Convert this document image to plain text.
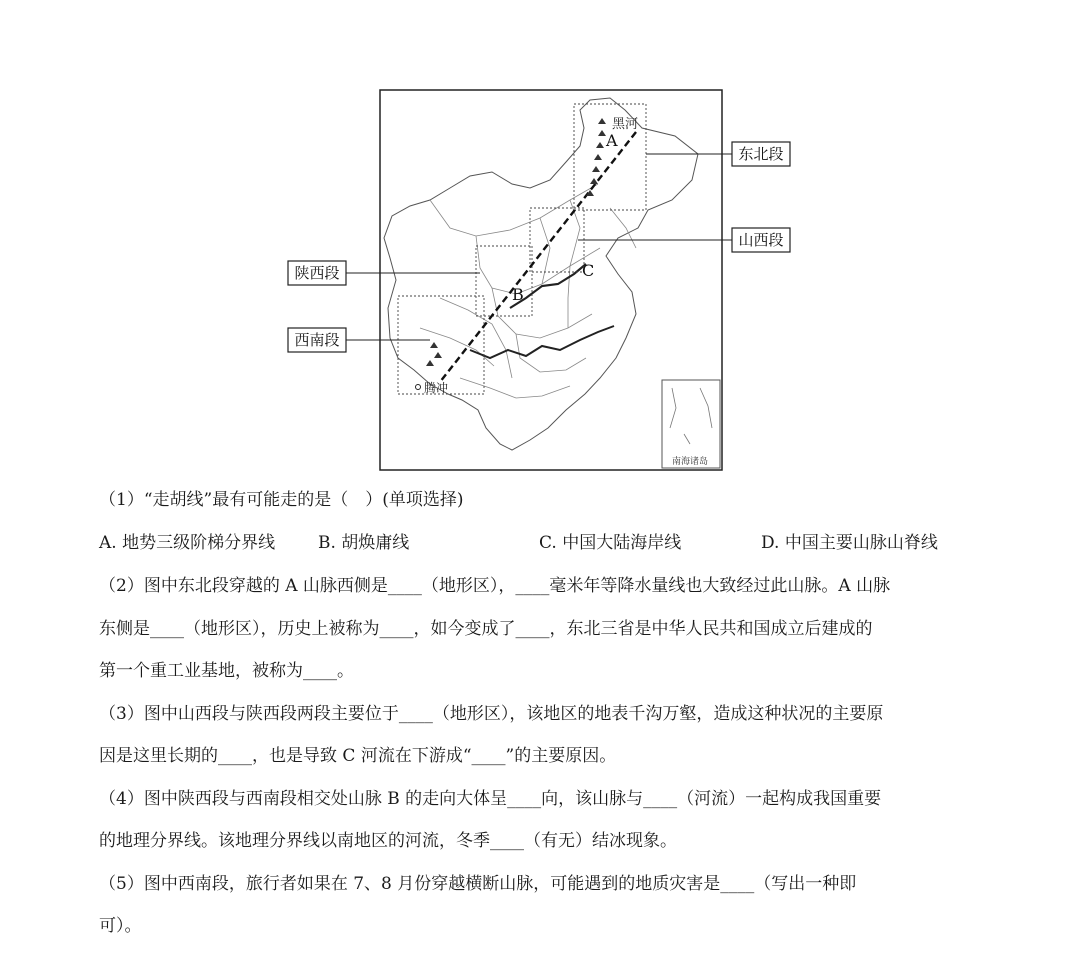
南海诸岛
黑河
A
B
C
腾冲
东北段
山西段
陕西段
西南段
（1）“走胡线”最有可能走的是（　）(单项选择)
A. 地势三级阶梯分界线	B. 胡焕庸线	C. 中国大陆海岸线	D. 中国主要山脉山脊线
（2）图中东北段穿越的 A 山脉西侧是____（地形区），____毫米年等降水量线也大致经过此山脉。A 山脉
东侧是____（地形区），历史上被称为____，如今变成了____，东北三省是中华人民共和国成立后建成的
第一个重工业基地，被称为____。
（3）图中山西段与陕西段两段主要位于____（地形区），该地区的地表千沟万壑，造成这种状况的主要原
因是这里长期的____，也是导致 C 河流在下游成“____”的主要原因。
（4）图中陕西段与西南段相交处山脉 B 的走向大体呈____向，该山脉与____（河流）一起构成我国重要
的地理分界线。该地理分界线以南地区的河流，冬季____（有无）结冰现象。
（5）图中西南段，旅行者如果在 7、8 月份穿越横断山脉，可能遇到的地质灾害是____（写出一种即
可）。
